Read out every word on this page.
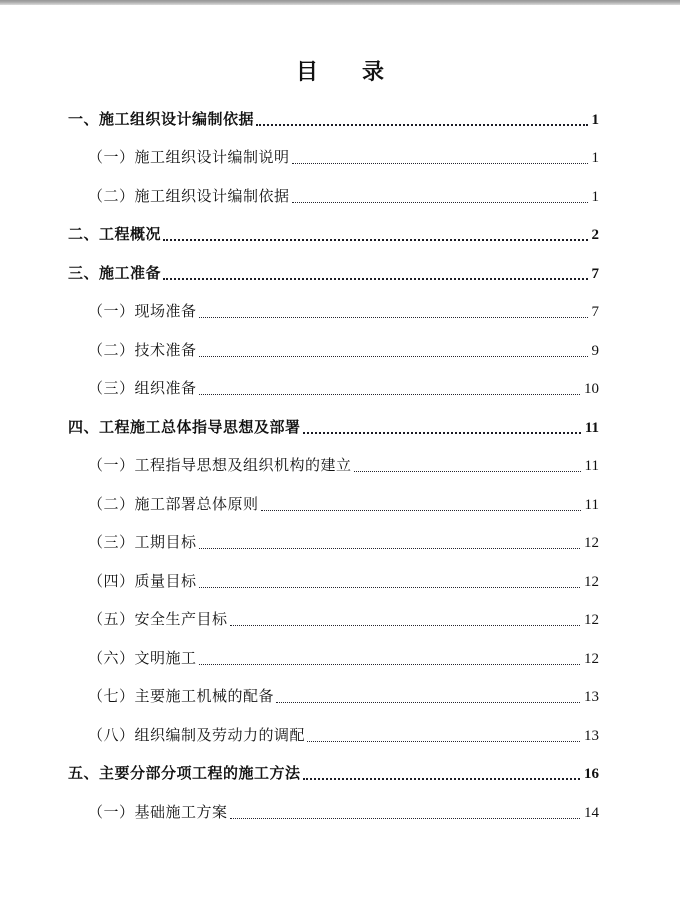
目　　录
一、施工组织设计编制依据	1
（一）施工组织设计编制说明	1
（二）施工组织设计编制依据	1
二、工程概况	2
三、施工准备	7
（一）现场准备	7
（二）技术准备	9
（三）组织准备	10
四、工程施工总体指导思想及部署	11
（一）工程指导思想及组织机构的建立	11
（二）施工部署总体原则	11
（三）工期目标	12
（四）质量目标	12
（五）安全生产目标	12
（六）文明施工	12
（七）主要施工机械的配备	13
（八）组织编制及劳动力的调配	13
五、主要分部分项工程的施工方法	16
（一）基础施工方案	14
